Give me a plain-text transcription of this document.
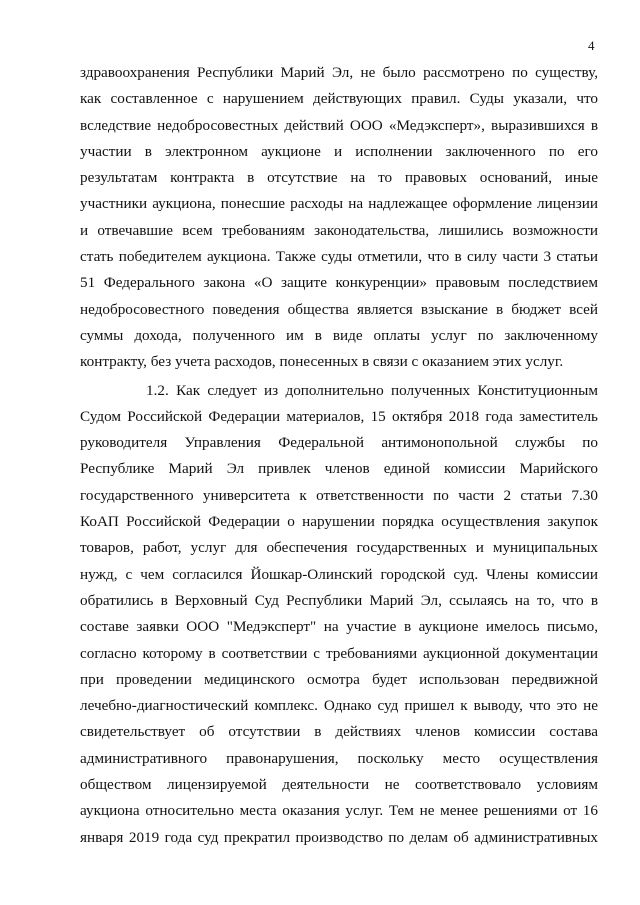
4
здравоохранения Республики Марий Эл, не было рассмотрено по существу,
как составленное с нарушением действующих правил. Суды указали, что
вследствие недобросовестных действий ООО «Медэксперт», выразившихся в
участии в электронном аукционе и исполнении заключенного по его
результатам контракта в отсутствие на то правовых оснований, иные
участники аукциона, понесшие расходы на надлежащее оформление лицензии
и отвечавшие всем требованиям законодательства, лишились возможности
стать победителем аукциона. Также суды отметили, что в силу части 3 статьи
51 Федерального закона «О защите конкуренции» правовым последствием
недобросовестного поведения общества является взыскание в бюджет всей
суммы дохода, полученного им в виде оплаты услуг по заключенному
контракту, без учета расходов, понесенных в связи с оказанием этих услуг.
1.2. Как следует из дополнительно полученных Конституционным
Судом Российской Федерации материалов, 15 октября 2018 года заместитель
руководителя Управления Федеральной антимонопольной службы по
Республике Марий Эл привлек членов единой комиссии Марийского
государственного университета к ответственности по части 2 статьи 7.30
КоАП Российской Федерации о нарушении порядка осуществления закупок
товаров, работ, услуг для обеспечения государственных и муниципальных
нужд, с чем согласился Йошкар-Олинский городской суд. Члены комиссии
обратились в Верховный Суд Республики Марий Эл, ссылаясь на то, что в
составе заявки ООО "Медэксперт" на участие в аукционе имелось письмо,
согласно которому в соответствии с требованиями аукционной документации
при проведении медицинского осмотра будет использован передвижной
лечебно-диагностический комплекс. Однако суд пришел к выводу, что это не
свидетельствует об отсутствии в действиях членов комиссии состава
административного правонарушения, поскольку место осуществления
обществом лицензируемой деятельности не соответствовало условиям
аукциона относительно места оказания услуг. Тем не менее решениями от 16
января 2019 года суд прекратил производство по делам об административных
